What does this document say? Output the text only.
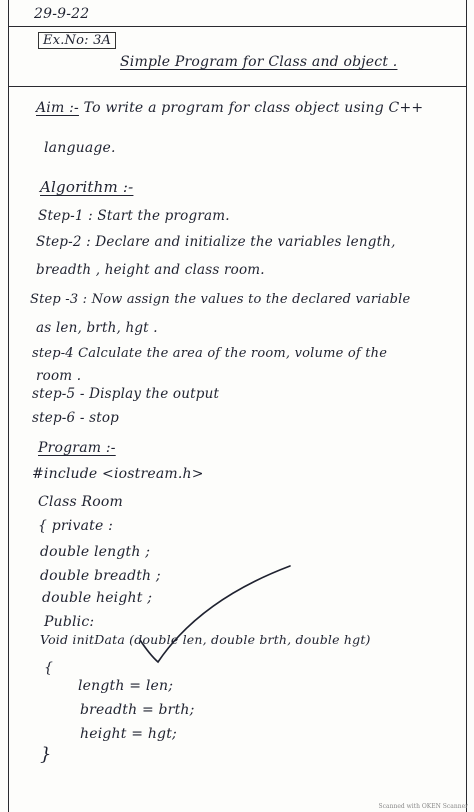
29-9-22
Ex.No: 3A
Simple Program for Class and object .
Aim :- To write a program for class object using C++
language.
Algorithm :-
Step-1 : Start the program.
Step-2 : Declare and initialize the variables length,
breadth , height and class room.
Step -3 : Now assign the values to the declared variable
as len, brth, hgt .
step-4 Calculate the area of the room, volume of the
room .
step-5 - Display the output
step-6 - stop
Program :-
#include <iostream.h>
Class Room
{ private :
double length ;
double breadth ;
double height ;
Public:
Void initData (double len, double brth, double hgt)
{
length = len;
breadth = brth;
height = hgt;
}
Scanned with OKEN Scanner
